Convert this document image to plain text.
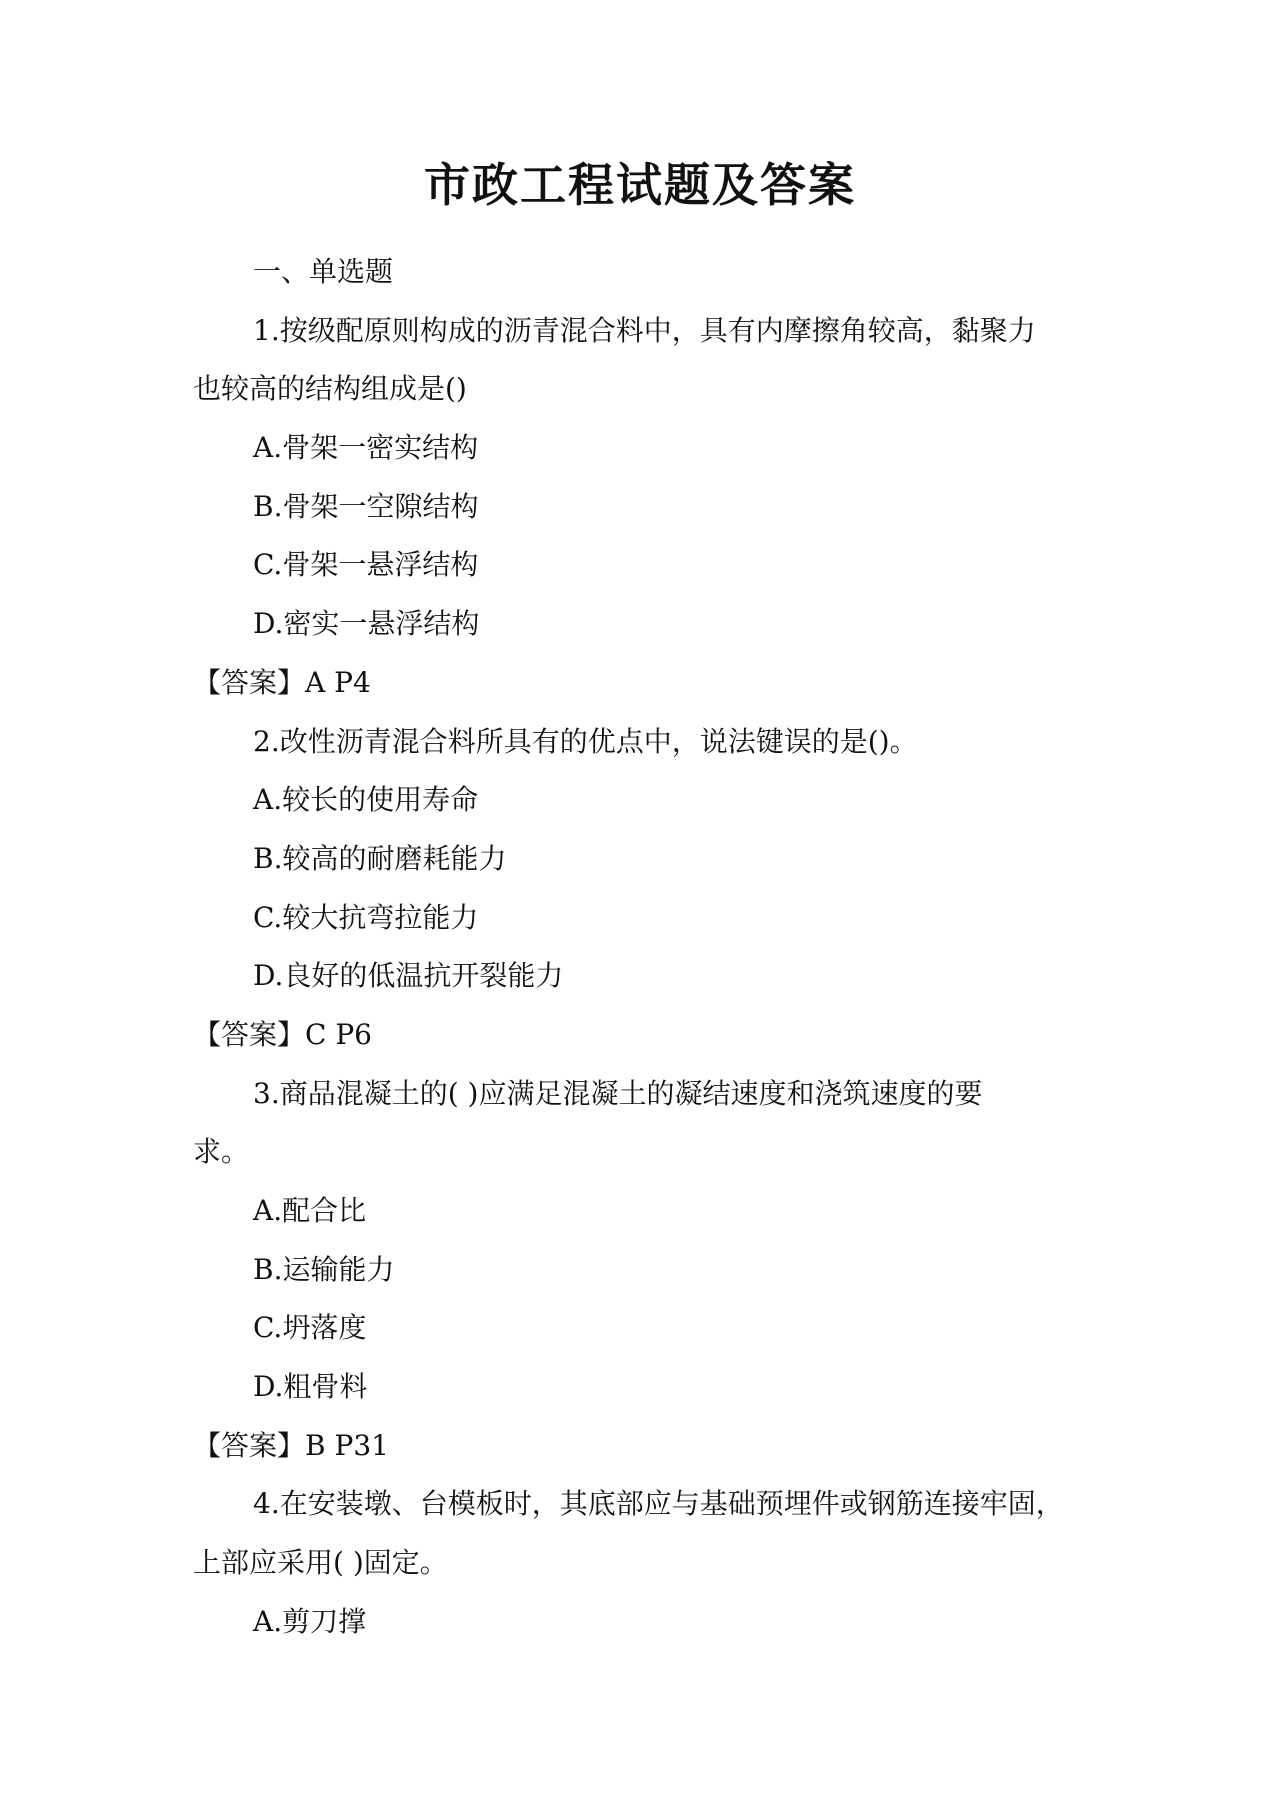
市政工程试题及答案

一、单选题

1.按级配原则构成的沥青混合料中，具有内摩擦角较高，黏聚力

也较高的结构组成是()

A.骨架一密实结构

B.骨架一空隙结构

C.骨架一悬浮结构

D.密实一悬浮结构

【答案】A P4

2.改性沥青混合料所具有的优点中，说法键误的是()。

A.较长的使用寿命

B.较高的耐磨耗能力

C.较大抗弯拉能力

D.良好的低温抗开裂能力

【答案】C P6

3.商品混凝土的( )应满足混凝土的凝结速度和浇筑速度的要

求。

A.配合比

B.运输能力

C.坍落度

D.粗骨料

【答案】B P31

4.在安装墩、台模板时，其底部应与基础预埋件或钢筋连接牢固，

上部应采用( )固定。

A.剪刀撑
